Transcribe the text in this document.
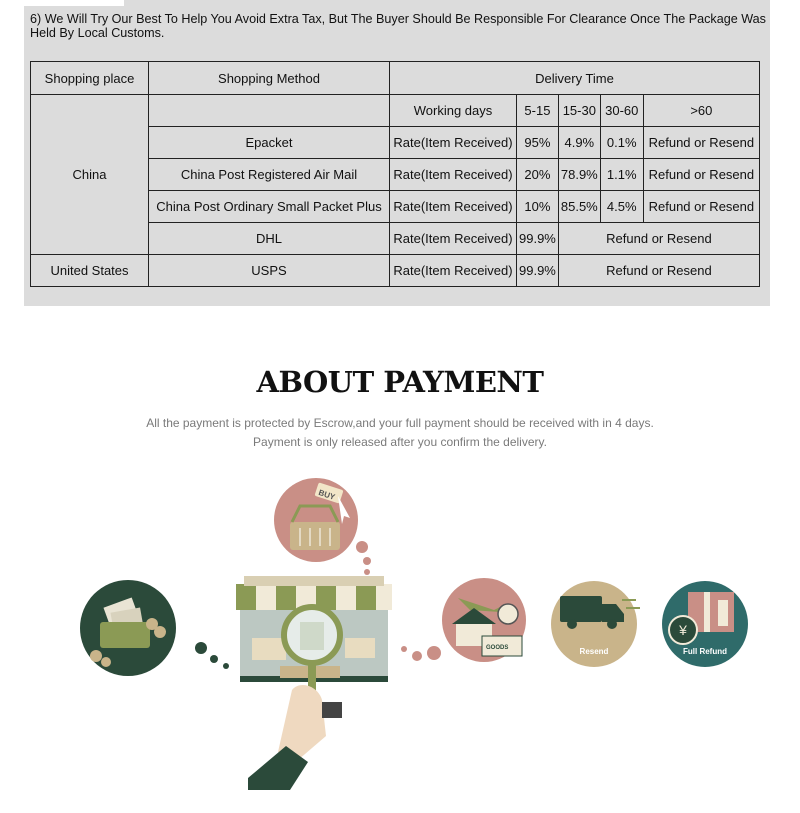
6) We Will Try Our Best To Help You Avoid Extra Tax, But The Buyer Should Be Responsible For Clearance Once The Package Was Held By Local Customs.
Shopping place	Shopping Method	Delivery Time				
China		Working days	5-15	15-30	30-60	>60
	Epacket	Rate(Item Received)	95%	4.9%	0.1%	Refund or Resend
	China Post Registered Air Mail	Rate(Item Received)	20%	78.9%	1.1%	Refund or Resend
	China Post Ordinary Small Packet Plus	Rate(Item Received)	10%	85.5%	4.5%	Refund or Resend
	DHL	Rate(Item Received)	99.9%	Refund or Resend		
United States	USPS	Rate(Item Received)	99.9%	Refund or Resend		
ABOUT PAYMENT
All the payment is protected by Escrow,and your full payment should be received with in 4 days.
Payment is only released after you confirm the delivery.
BUY
GOODS	Resend
¥
Full Refund
